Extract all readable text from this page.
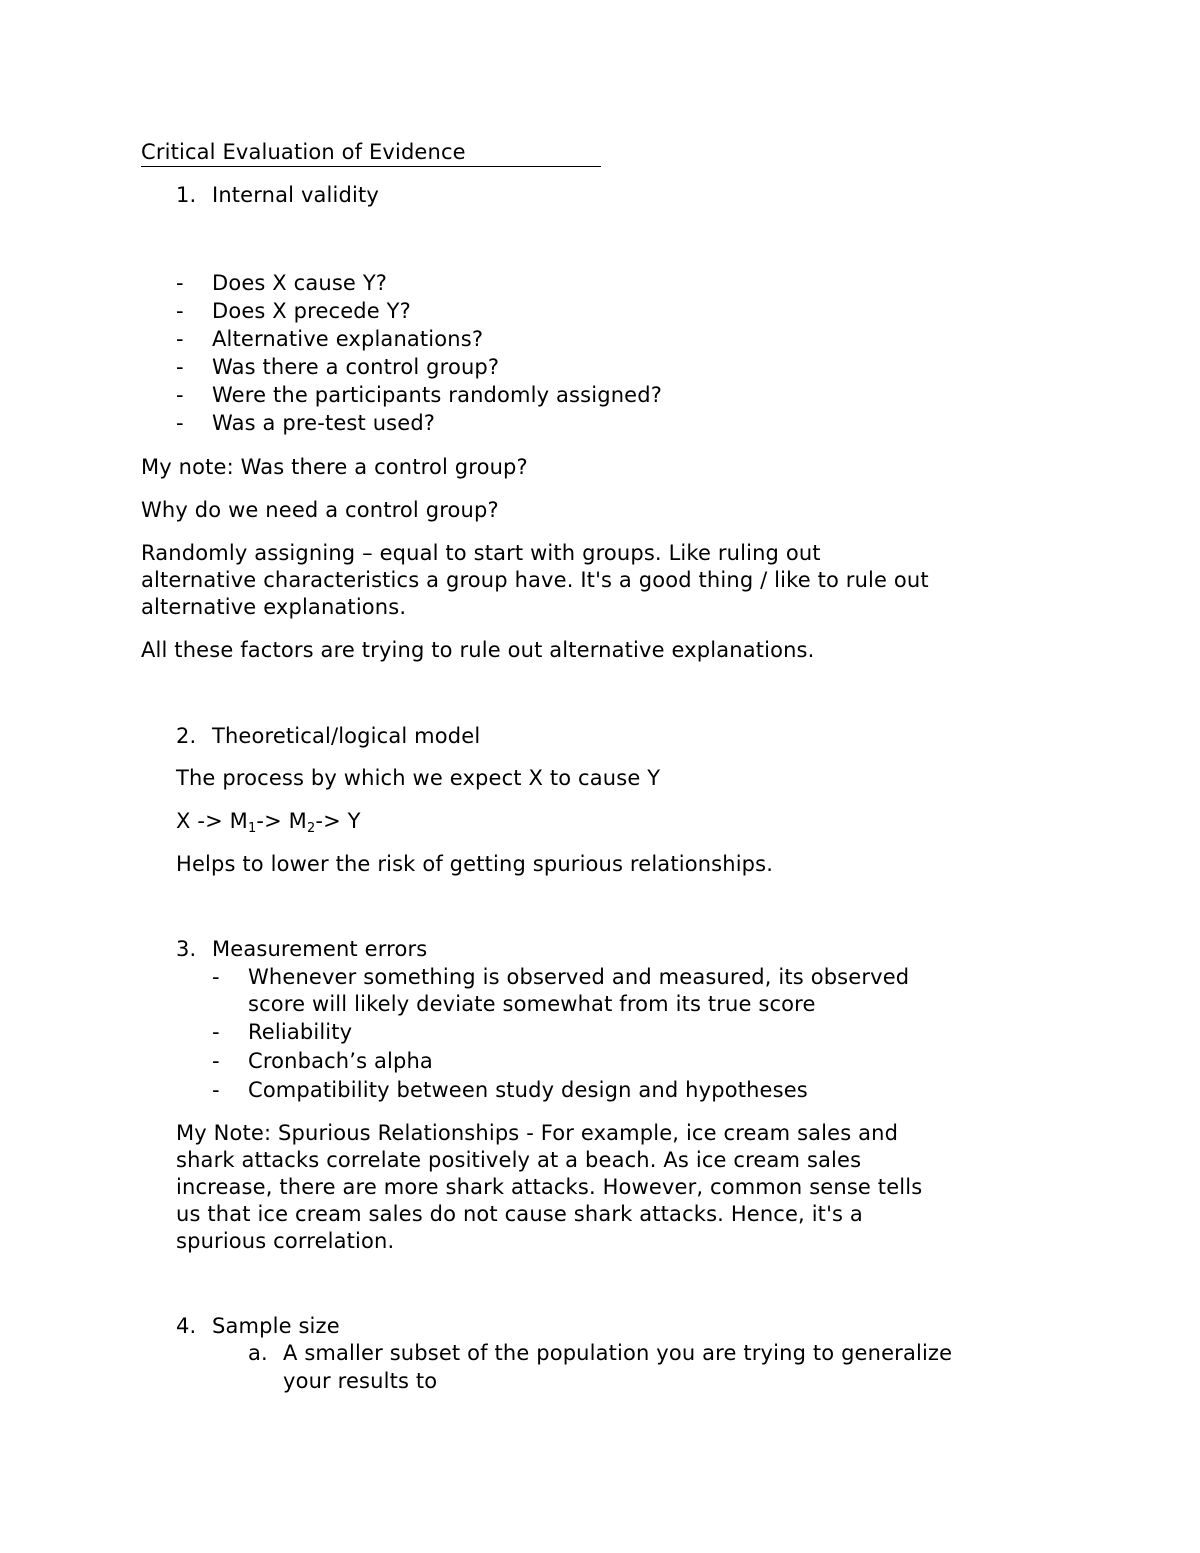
Critical Evaluation of Evidence
1. Internal validity
- Does X cause Y?
- Does X precede Y?
- Alternative explanations?
- Was there a control group?
- Were the participants randomly assigned?
- Was a pre-test used?
My note: Was there a control group?
Why do we need a control group?
Randomly assigning – equal to start with groups. Like ruling out
alternative characteristics a group have. It's a good thing / like to rule out
alternative explanations.
All these factors are trying to rule out alternative explanations.
2. Theoretical/logical model
The process by which we expect X to cause Y
$X -> M_1-> M_2-> Y$
Helps to lower the risk of getting spurious relationships.
3. Measurement errors
- Whenever something is observed and measured, its observed
score will likely deviate somewhat from its true score
- Reliability
- Cronbach’s alpha
- Compatibility between study design and hypotheses
My Note: Spurious Relationships - For example, ice cream sales and
shark attacks correlate positively at a beach. As ice cream sales
increase, there are more shark attacks. However, common sense tells
us that ice cream sales do not cause shark attacks. Hence, it's a
spurious correlation.
4. Sample size
a. A smaller subset of the population you are trying to generalize
your results to
